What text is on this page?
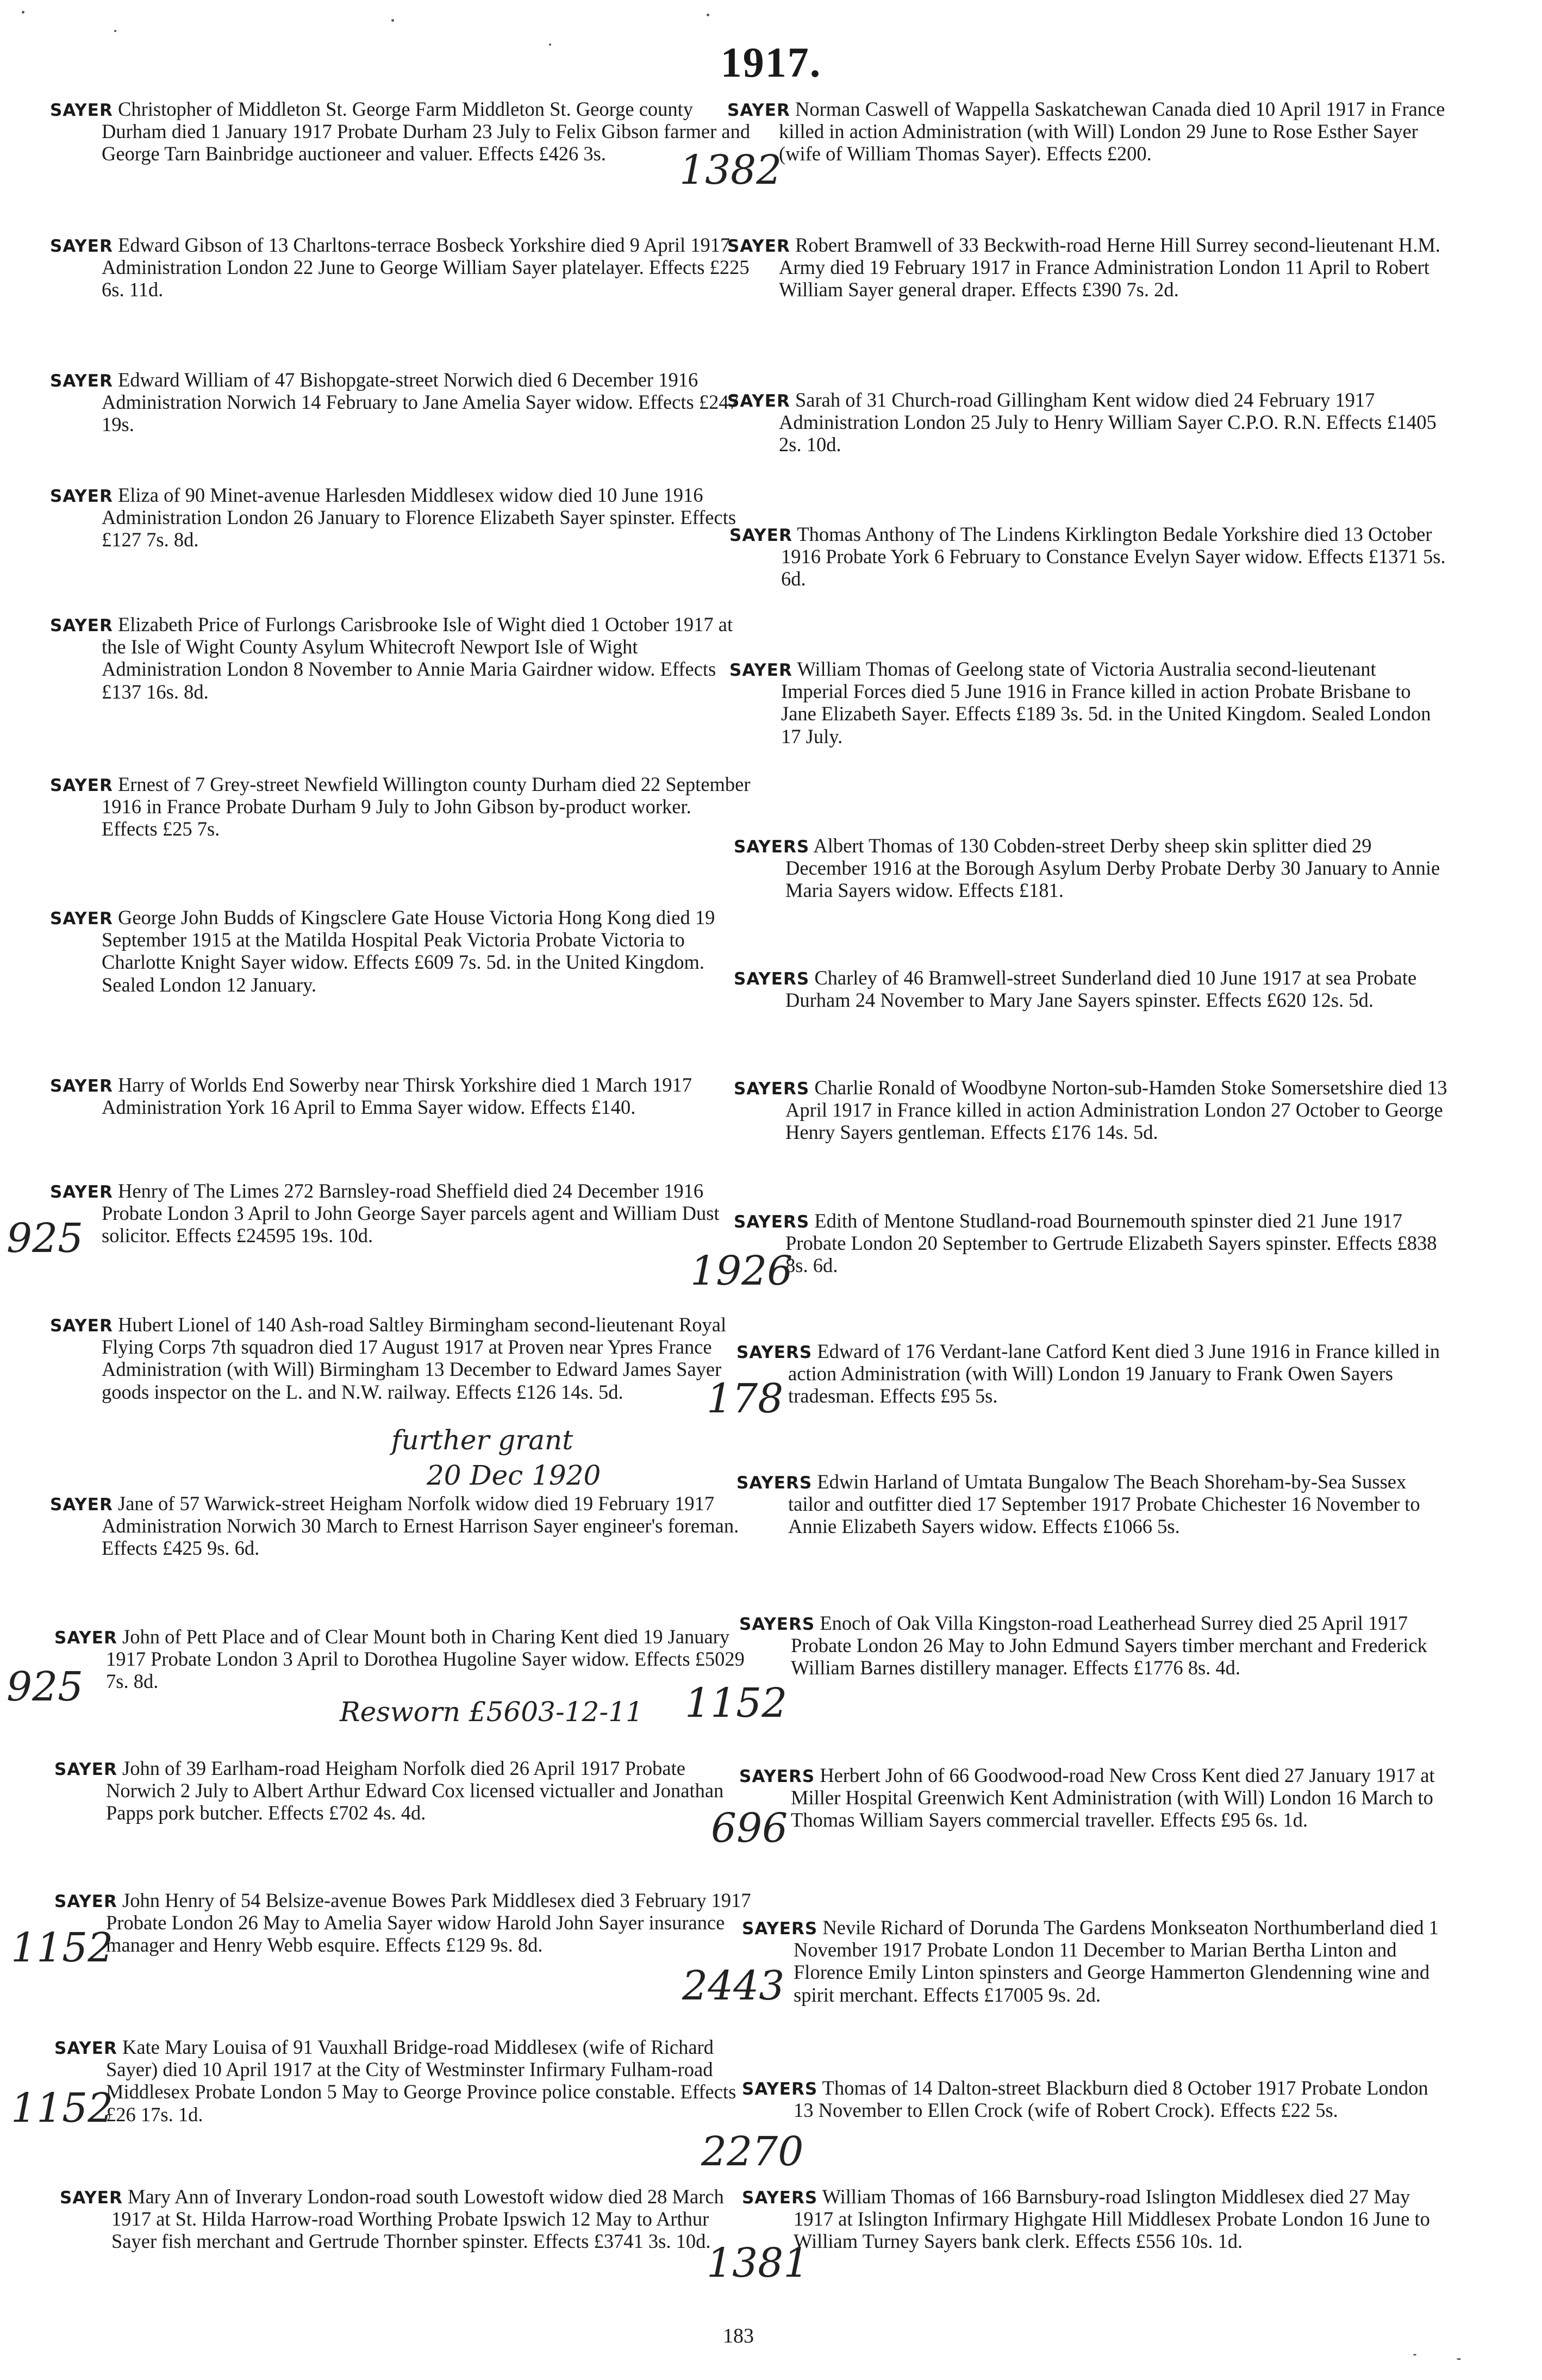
1917.
SAYER Christopher of Middleton St. George Farm Middleton St. George county Durham died 1 January 1917 Probate Durham 23 July to Felix Gibson farmer and George Tarn Bainbridge auctioneer and valuer. Effects £426 3s.
SAYER Edward Gibson of 13 Charltons-terrace Bosbeck Yorkshire died 9 April 1917 Administration London 22 June to George William Sayer platelayer. Effects £225 6s. 11d.
SAYER Edward William of 47 Bishopgate-street Norwich died 6 December 1916 Administration Norwich 14 February to Jane Amelia Sayer widow. Effects £247 19s.
SAYER Eliza of 90 Minet-avenue Harlesden Middlesex widow died 10 June 1916 Administration London 26 January to Florence Elizabeth Sayer spinster. Effects £127 7s. 8d.
SAYER Elizabeth Price of Furlongs Carisbrooke Isle of Wight died 1 October 1917 at the Isle of Wight County Asylum Whitecroft Newport Isle of Wight Administration London 8 November to Annie Maria Gairdner widow. Effects £137 16s. 8d.
SAYER Ernest of 7 Grey-street Newfield Willington county Durham died 22 September 1916 in France Probate Durham 9 July to John Gibson by-product worker. Effects £25 7s.
SAYER George John Budds of Kingsclere Gate House Victoria Hong Kong died 19 September 1915 at the Matilda Hospital Peak Victoria Probate Victoria to Charlotte Knight Sayer widow. Effects £609 7s. 5d. in the United Kingdom. Sealed London 12 January.
SAYER Harry of Worlds End Sowerby near Thirsk Yorkshire died 1 March 1917 Administration York 16 April to Emma Sayer widow. Effects £140.
SAYER Henry of The Limes 272 Barnsley-road Sheffield died 24 December 1916 Probate London 3 April to John George Sayer parcels agent and William Dust solicitor. Effects £24595 19s. 10d.
SAYER Hubert Lionel of 140 Ash-road Saltley Birmingham second-lieutenant Royal Flying Corps 7th squadron died 17 August 1917 at Proven near Ypres France Administration (with Will) Birmingham 13 December to Edward James Sayer goods inspector on the L. and N.W. railway. Effects £126 14s. 5d.
SAYER Jane of 57 Warwick-street Heigham Norfolk widow died 19 February 1917 Administration Norwich 30 March to Ernest Harrison Sayer engineer's foreman. Effects £425 9s. 6d.
SAYER John of Pett Place and of Clear Mount both in Charing Kent died 19 January 1917 Probate London 3 April to Dorothea Hugoline Sayer widow. Effects £5029 7s. 8d.
SAYER John of 39 Earlham-road Heigham Norfolk died 26 April 1917 Probate Norwich 2 July to Albert Arthur Edward Cox licensed victualler and Jonathan Papps pork butcher. Effects £702 4s. 4d.
SAYER John Henry of 54 Belsize-avenue Bowes Park Middlesex died 3 February 1917 Probate London 26 May to Amelia Sayer widow Harold John Sayer insurance manager and Henry Webb esquire. Effects £129 9s. 8d.
SAYER Kate Mary Louisa of 91 Vauxhall Bridge-road Middlesex (wife of Richard Sayer) died 10 April 1917 at the City of Westminster Infirmary Fulham-road Middlesex Probate London 5 May to George Province police constable. Effects £26 17s. 1d.
SAYER Mary Ann of Inverary London-road south Lowestoft widow died 28 March 1917 at St. Hilda Harrow-road Worthing Probate Ipswich 12 May to Arthur Sayer fish merchant and Gertrude Thornber spinster. Effects £3741 3s. 10d.
SAYER Norman Caswell of Wappella Saskatchewan Canada died 10 April 1917 in France killed in action Administration (with Will) London 29 June to Rose Esther Sayer (wife of William Thomas Sayer). Effects £200.
SAYER Robert Bramwell of 33 Beckwith-road Herne Hill Surrey second-lieutenant H.M. Army died 19 February 1917 in France Administration London 11 April to Robert William Sayer general draper. Effects £390 7s. 2d.
SAYER Sarah of 31 Church-road Gillingham Kent widow died 24 February 1917 Administration London 25 July to Henry William Sayer C.P.O. R.N. Effects £1405 2s. 10d.
SAYER Thomas Anthony of The Lindens Kirklington Bedale Yorkshire died 13 October 1916 Probate York 6 February to Constance Evelyn Sayer widow. Effects £1371 5s. 6d.
SAYER William Thomas of Geelong state of Victoria Australia second-lieutenant Imperial Forces died 5 June 1916 in France killed in action Probate Brisbane to Jane Elizabeth Sayer. Effects £189 3s. 5d. in the United Kingdom. Sealed London 17 July.
SAYERS Albert Thomas of 130 Cobden-street Derby sheep skin splitter died 29 December 1916 at the Borough Asylum Derby Probate Derby 30 January to Annie Maria Sayers widow. Effects £181.
SAYERS Charley of 46 Bramwell-street Sunderland died 10 June 1917 at sea Probate Durham 24 November to Mary Jane Sayers spinster. Effects £620 12s. 5d.
SAYERS Charlie Ronald of Woodbyne Norton-sub-Hamden Stoke Somersetshire died 13 April 1917 in France killed in action Administration London 27 October to George Henry Sayers gentleman. Effects £176 14s. 5d.
SAYERS Edith of Mentone Studland-road Bournemouth spinster died 21 June 1917 Probate London 20 September to Gertrude Elizabeth Sayers spinster. Effects £838 8s. 6d.
SAYERS Edward of 176 Verdant-lane Catford Kent died 3 June 1916 in France killed in action Administration (with Will) London 19 January to Frank Owen Sayers tradesman. Effects £95 5s.
SAYERS Edwin Harland of Umtata Bungalow The Beach Shoreham-by-Sea Sussex tailor and outfitter died 17 September 1917 Probate Chichester 16 November to Annie Elizabeth Sayers widow. Effects £1066 5s.
SAYERS Enoch of Oak Villa Kingston-road Leatherhead Surrey died 25 April 1917 Probate London 26 May to John Edmund Sayers timber merchant and Frederick William Barnes distillery manager. Effects £1776 8s. 4d.
SAYERS Herbert John of 66 Goodwood-road New Cross Kent died 27 January 1917 at Miller Hospital Greenwich Kent Administration (with Will) London 16 March to Thomas William Sayers commercial traveller. Effects £95 6s. 1d.
SAYERS Nevile Richard of Dorunda The Gardens Monkseaton Northumberland died 1 November 1917 Probate London 11 December to Marian Bertha Linton and Florence Emily Linton spinsters and George Hammerton Glendenning wine and spirit merchant. Effects £17005 9s. 2d.
SAYERS Thomas of 14 Dalton-street Blackburn died 8 October 1917 Probate London 13 November to Ellen Crock (wife of Robert Crock). Effects £22 5s.
SAYERS William Thomas of 166 Barnsbury-road Islington Middlesex died 27 May 1917 at Islington Infirmary Highgate Hill Middlesex Probate London 16 June to William Turney Sayers bank clerk. Effects £556 10s. 1d.
1382
925
1926
178
further grant
20 Dec 1920
925	1152
Resworn £5603-12-11
696
1152
2443
1152
2270
1381
183
